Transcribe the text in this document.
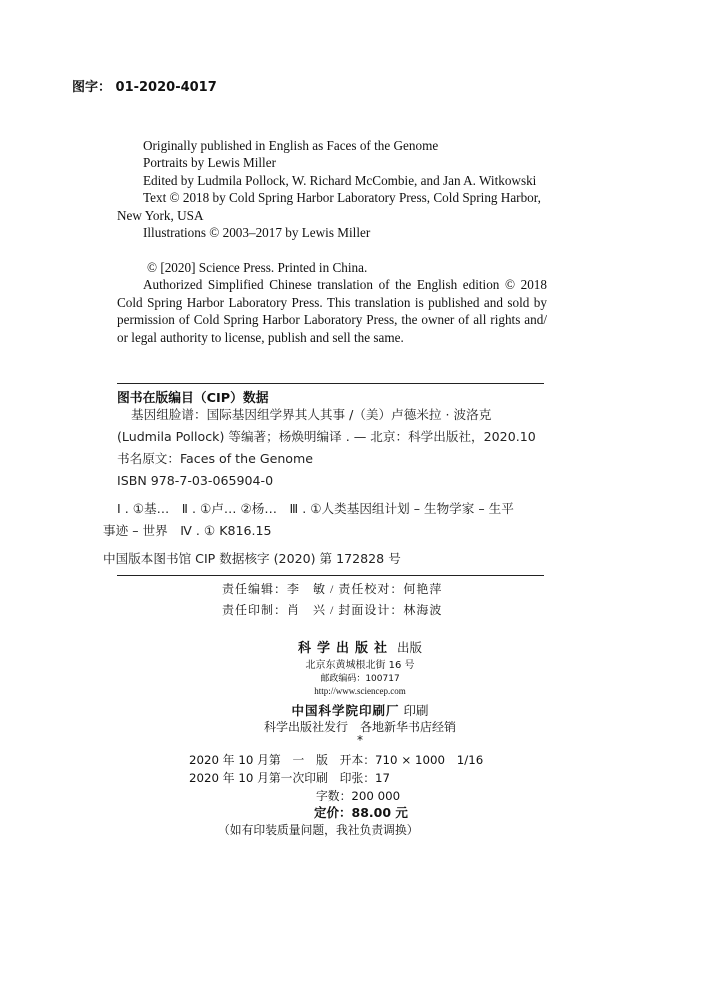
图字： 01-2020-4017
Originally published in English as Faces of the Genome
Portraits by Lewis Miller
Edited by Ludmila Pollock, W. Richard McCombie, and Jan A. Witkowski
Text © 2018 by Cold Spring Harbor Laboratory Press, Cold Spring Harbor,
New York, USA
Illustrations © 2003–2017 by Lewis Miller
© [2020] Science Press. Printed in China.

Authorized Simplified Chinese translation of the English edition © 2018 Cold Spring Harbor Laboratory Press. This translation is published and sold by permission of Cold Spring Harbor Laboratory Press, the owner of all rights and/ or legal authority to license, publish and sell the same.

图书在版编目（CIP）数据
基因组脸谱：国际基因组学界其人其事 /（美）卢德米拉 · 波洛克
(Ludmila Pollock) 等编著；杨焕明编译 . — 北京：科学出版社，2020.10
书名原文：Faces of the Genome
ISBN 978-7-03-065904-0
Ⅰ . ①基…　Ⅱ . ①卢… ②杨…　Ⅲ . ①人类基因组计划 – 生物学家 – 生平
事迹 – 世界　Ⅳ . ① K816.15
中国版本图书馆 CIP 数据核字 (2020) 第 172828 号
责任编辑：李　敏 / 责任校对：何艳萍
责任印制：肖　兴 / 封面设计：林海波
科学出版社 出版
北京东黄城根北街 16 号
邮政编码：100717
http://www.sciencep.com
中国科学院印刷厂 印刷
科学出版社发行　各地新华书店经销
*
2020 年 10 月第　一　版　开本：710 × 1000　1/16
2020 年 10 月第一次印刷　印张：17
字数：200 000
定价：88.00 元
（如有印装质量问题，我社负责调换）
